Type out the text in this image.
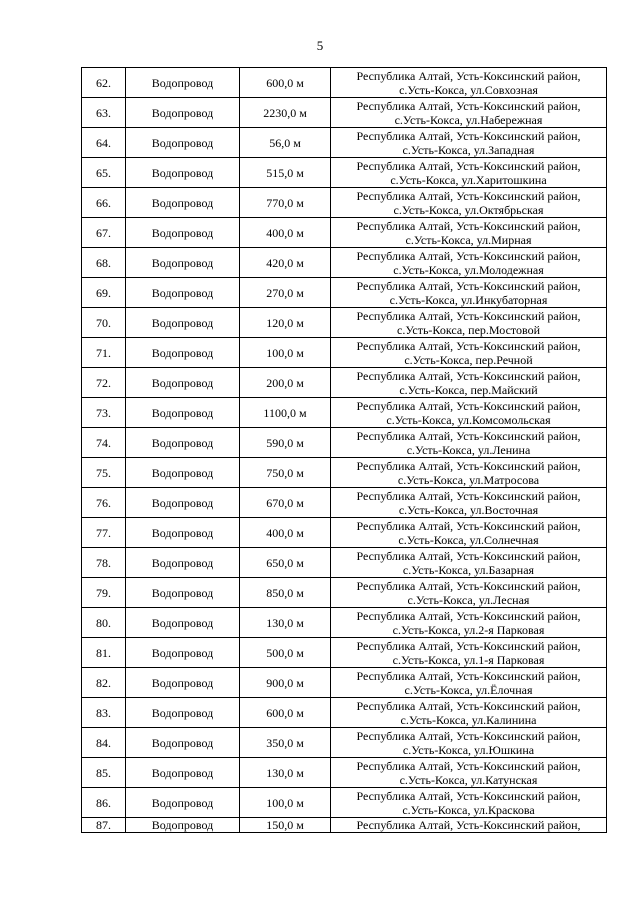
5
62.	Водопровод	600,0 м	Республика Алтай, Усть-Коксинский район,
с.Усть-Кокса, ул.Совхозная

63.	Водопровод	2230,0 м	Республика Алтай, Усть-Коксинский район,
с.Усть-Кокса, ул.Набережная

64.	Водопровод	56,0 м	Республика Алтай, Усть-Коксинский район,
с.Усть-Кокса, ул.Западная

65.	Водопровод	515,0 м	Республика Алтай, Усть-Коксинский район,
с.Усть-Кокса, ул.Харитошкина

66.	Водопровод	770,0 м	Республика Алтай, Усть-Коксинский район,
с.Усть-Кокса, ул.Октябрьская

67.	Водопровод	400,0 м	Республика Алтай, Усть-Коксинский район,
с.Усть-Кокса, ул.Мирная

68.	Водопровод	420,0 м	Республика Алтай, Усть-Коксинский район,
с.Усть-Кокса, ул.Молодежная

69.	Водопровод	270,0 м	Республика Алтай, Усть-Коксинский район,
с.Усть-Кокса, ул.Инкубаторная

70.	Водопровод	120,0 м	Республика Алтай, Усть-Коксинский район,
с.Усть-Кокса, пер.Мостовой

71.	Водопровод	100,0 м	Республика Алтай, Усть-Коксинский район,
с.Усть-Кокса, пер.Речной

72.	Водопровод	200,0 м	Республика Алтай, Усть-Коксинский район,
с.Усть-Кокса, пер.Майский

73.	Водопровод	1100,0 м	Республика Алтай, Усть-Коксинский район,
с.Усть-Кокса, ул.Комсомольская

74.	Водопровод	590,0 м	Республика Алтай, Усть-Коксинский район,
с.Усть-Кокса, ул.Ленина

75.	Водопровод	750,0 м	Республика Алтай, Усть-Коксинский район,
с.Усть-Кокса, ул.Матросова

76.	Водопровод	670,0 м	Республика Алтай, Усть-Коксинский район,
с.Усть-Кокса, ул.Восточная

77.	Водопровод	400,0 м	Республика Алтай, Усть-Коксинский район,
с.Усть-Кокса, ул.Солнечная

78.	Водопровод	650,0 м	Республика Алтай, Усть-Коксинский район,
с.Усть-Кокса, ул.Базарная

79.	Водопровод	850,0 м	Республика Алтай, Усть-Коксинский район,
с.Усть-Кокса, ул.Лесная

80.	Водопровод	130,0 м	Республика Алтай, Усть-Коксинский район,
с.Усть-Кокса, ул.2-я Парковая

81.	Водопровод	500,0 м	Республика Алтай, Усть-Коксинский район,
с.Усть-Кокса, ул.1-я Парковая

82.	Водопровод	900,0 м	Республика Алтай, Усть-Коксинский район,
с.Усть-Кокса, ул.Ёлочная

83.	Водопровод	600,0 м	Республика Алтай, Усть-Коксинский район,
с.Усть-Кокса, ул.Калинина

84.	Водопровод	350,0 м	Республика Алтай, Усть-Коксинский район,
с.Усть-Кокса, ул.Юшкина

85.	Водопровод	130,0 м	Республика Алтай, Усть-Коксинский район,
с.Усть-Кокса, ул.Катунская

86.	Водопровод	100,0 м	Республика Алтай, Усть-Коксинский район,
с.Усть-Кокса, ул.Краскова

87.	Водопровод	150,0 м	Республика Алтай, Усть-Коксинский район,
